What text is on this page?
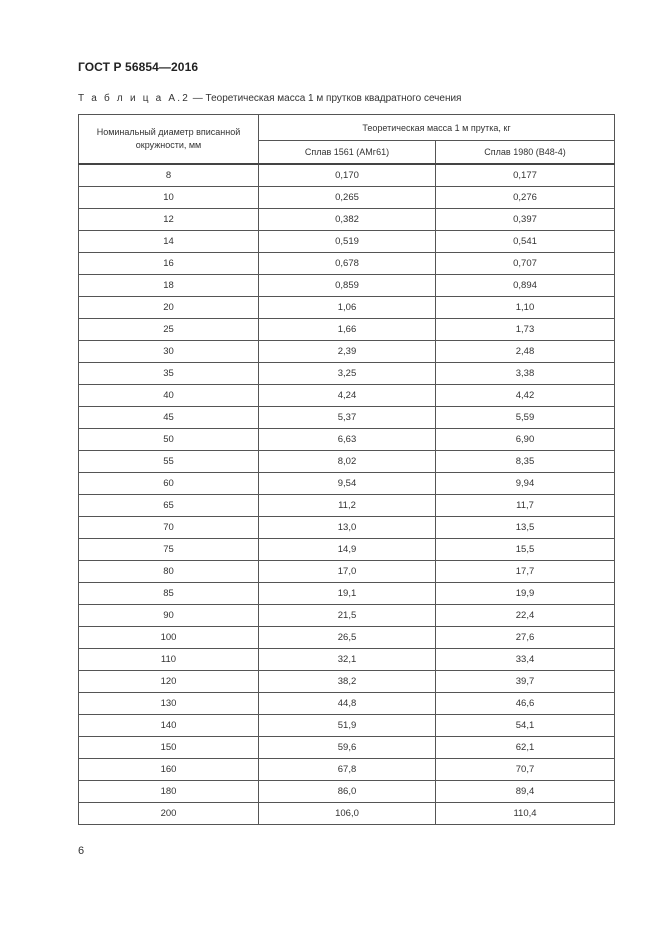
ГОСТ Р 56854—2016
Т а б л и ц а А.2 — Теоретическая масса 1 м прутков квадратного сечения
Номинальный диаметр вписанной окружности, мм	Теоретическая масса 1 м прутка, кг	
	Сплав 1561 (АМг61)	Сплав 1980 (В48-4)
8	0,170	0,177
10	0,265	0,276
12	0,382	0,397
14	0,519	0,541
16	0,678	0,707
18	0,859	0,894
20	1,06	1,10
25	1,66	1,73
30	2,39	2,48
35	3,25	3,38
40	4,24	4,42
45	5,37	5,59
50	6,63	6,90
55	8,02	8,35
60	9,54	9,94
65	11,2	11,7
70	13,0	13,5
75	14,9	15,5
80	17,0	17,7
85	19,1	19,9
90	21,5	22,4
100	26,5	27,6
110	32,1	33,4
120	38,2	39,7
130	44,8	46,6
140	51,9	54,1
150	59,6	62,1
160	67,8	70,7
180	86,0	89,4
200	106,0	110,4
6
